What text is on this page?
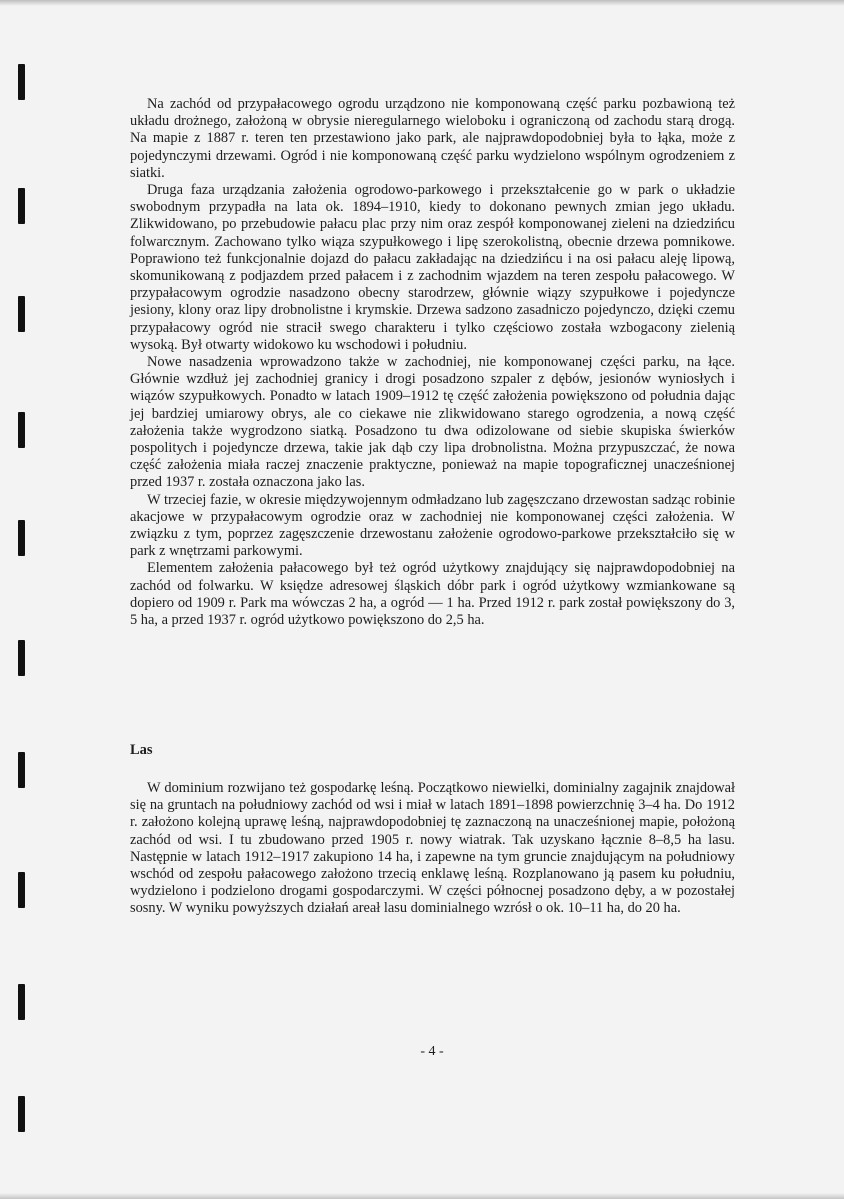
Na zachód od przypałacowego ogrodu urządzono nie komponowaną część parku pozbawioną też układu drożnego, założoną w obrysie nieregularnego wieloboku i ograniczoną od zachodu starą drogą. Na mapie z 1887 r. teren ten przestawiono jako park, ale najprawdopodobniej była to łąka, może z pojedynczymi drzewami. Ogród i nie komponowaną część parku wydzielono wspólnym ogrodzeniem z siatki.

Druga faza urządzania założenia ogrodowo-parkowego i przekształcenie go w park o układzie swobodnym przypadła na lata ok. 1894–1910, kiedy to dokonano pewnych zmian jego układu. Zlikwidowano, po przebudowie pałacu plac przy nim oraz zespół komponowanej zieleni na dziedzińcu folwarcznym. Zachowano tylko wiąza szypułkowego i lipę szerokolistną, obecnie drzewa pomnikowe. Poprawiono też funkcjonalnie dojazd do pałacu zakładając na dziedzińcu i na osi pałacu aleję lipową, skomunikowaną z podjazdem przed pałacem i z zachodnim wjazdem na teren zespołu pałacowego. W przypałacowym ogrodzie nasadzono obecny starodrzew, głównie wiązy szypułkowe i pojedyncze jesiony, klony oraz lipy drobnolistne i krymskie. Drzewa sadzono zasadniczo pojedynczo, dzięki czemu przypałacowy ogród nie stracił swego charakteru i tylko częściowo została wzbogacony zielenią wysoką. Był otwarty widokowo ku wschodowi i południu.

Nowe nasadzenia wprowadzono także w zachodniej, nie komponowanej części parku, na łące. Głównie wzdłuż jej zachodniej granicy i drogi posadzono szpaler z dębów, jesionów wyniosłych i wiązów szypułkowych. Ponadto w latach 1909–1912 tę część założenia powiększono od południa dając jej bardziej umiarowy obrys, ale co ciekawe nie zlikwidowano starego ogrodzenia, a nową część założenia także wygrodzono siatką. Posadzono tu dwa odizolowane od siebie skupiska świerków pospolitych i pojedyncze drzewa, takie jak dąb czy lipa drobnolistna. Można przypuszczać, że nowa część założenia miała raczej znaczenie praktyczne, ponieważ na mapie topograficznej unacześnionej przed 1937 r. została oznaczona jako las.

W trzeciej fazie, w okresie międzywojennym odmładzano lub zagęszczano drzewostan sadząc robinie akacjowe w przypałacowym ogrodzie oraz w zachodniej nie komponowanej części założenia. W związku z tym, poprzez zagęszczenie drzewostanu założenie ogrodowo-parkowe przekształciło się w park z wnętrzami parkowymi.

Elementem założenia pałacowego był też ogród użytkowy znajdujący się najprawdopodobniej na zachód od folwarku. W księdze adresowej śląskich dóbr park i ogród użytkowy wzmiankowane są dopiero od 1909 r. Park ma wówczas 2 ha, a ogród — 1 ha. Przed 1912 r. park został powiększony do 3, 5 ha, a przed 1937 r. ogród użytkowo powiększono do 2,5 ha.

Las

W dominium rozwijano też gospodarkę leśną. Początkowo niewielki, dominialny zagajnik znajdował się na gruntach na południowy zachód od wsi i miał w latach 1891–1898 powierzchnię 3–4 ha. Do 1912 r. założono kolejną uprawę leśną, najprawdopodobniej tę zaznaczoną na unacześnionej mapie, położoną zachód od wsi. I tu zbudowano przed 1905 r. nowy wiatrak. Tak uzyskano łącznie 8–8,5 ha lasu. Następnie w latach 1912–1917 zakupiono 14 ha, i zapewne na tym gruncie znajdującym na południowy wschód od zespołu pałacowego założono trzecią enklawę leśną. Rozplanowano ją pasem ku południu, wydzielono i podzielono drogami gospodarczymi. W części północnej posadzono dęby, a w pozostałej sosny. W wyniku powyższych działań areał lasu dominialnego wzrósł o ok. 10–11 ha, do 20 ha.

- 4 -
